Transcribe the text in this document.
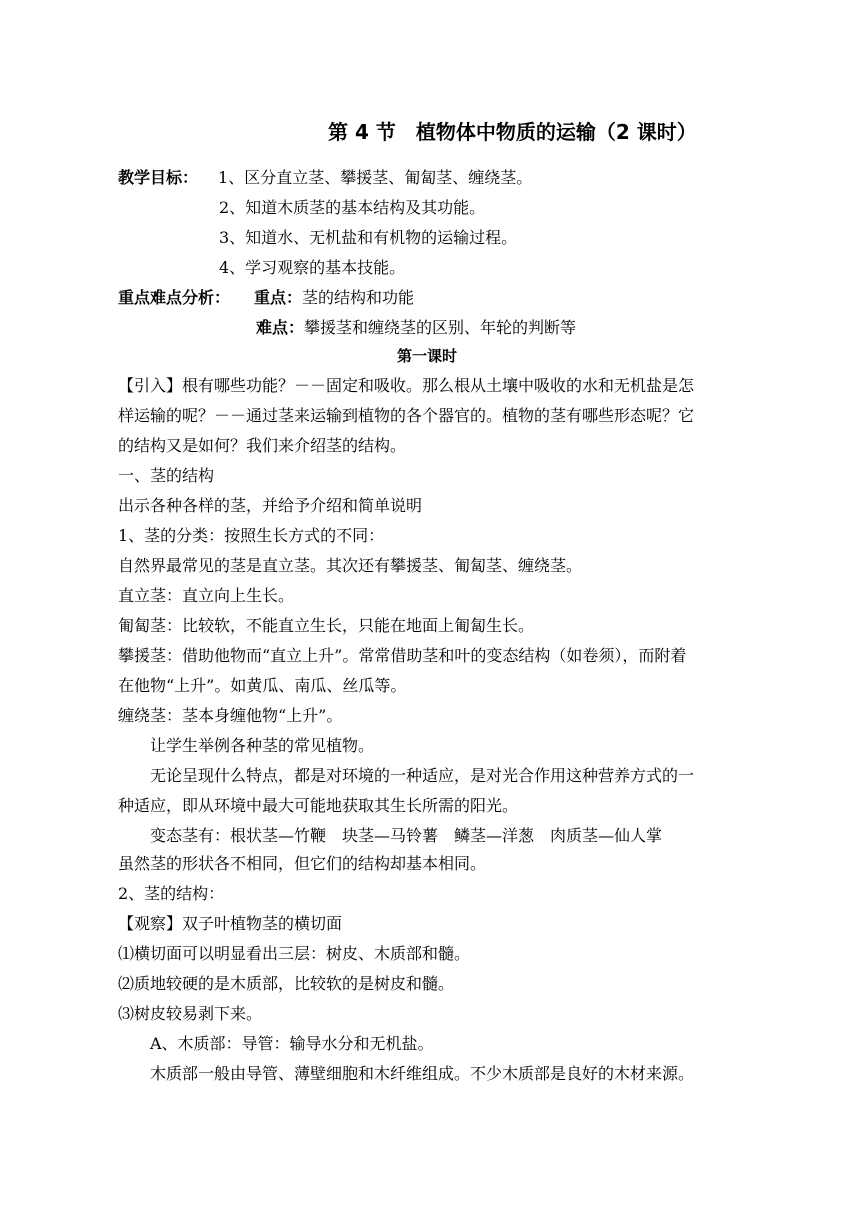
第 4 节　植物体中物质的运输（2 课时）
教学目标： 1、区分直立茎、攀援茎、匍匐茎、缠绕茎。
2、知道木质茎的基本结构及其功能。
3、知道水、无机盐和有机物的运输过程。
4、学习观察的基本技能。
重点难点分析： 重点：茎的结构和功能
难点：攀援茎和缠绕茎的区别、年轮的判断等
第一课时
【引入】根有哪些功能？－－固定和吸收。那么根从土壤中吸收的水和无机盐是怎
样运输的呢？－－通过茎来运输到植物的各个器官的。植物的茎有哪些形态呢？它
的结构又是如何？我们来介绍茎的结构。
一、茎的结构
出示各种各样的茎，并给予介绍和简单说明
1、茎的分类：按照生长方式的不同：
自然界最常见的茎是直立茎。其次还有攀援茎、匍匐茎、缠绕茎。
直立茎：直立向上生长。
匍匐茎：比较软，不能直立生长，只能在地面上匍匐生长。
攀援茎：借助他物而“直立上升”。常常借助茎和叶的变态结构（如卷须），而附着
在他物“上升”。如黄瓜、南瓜、丝瓜等。
缠绕茎：茎本身缠他物“上升”。
让学生举例各种茎的常见植物。
无论呈现什么特点，都是对环境的一种适应，是对光合作用这种营养方式的一
种适应，即从环境中最大可能地获取其生长所需的阳光。
变态茎有：根状茎—竹鞭　块茎—马铃薯　鳞茎—洋葱　肉质茎—仙人掌
虽然茎的形状各不相同，但它们的结构却基本相同。
2、茎的结构：
【观察】双子叶植物茎的横切面
⑴横切面可以明显看出三层：树皮、木质部和髓。
⑵质地较硬的是木质部，比较软的是树皮和髓。
⑶树皮较易剥下来。
A、木质部：导管：输导水分和无机盐。
木质部一般由导管、薄壁细胞和木纤维组成。不少木质部是良好的木材来源。
